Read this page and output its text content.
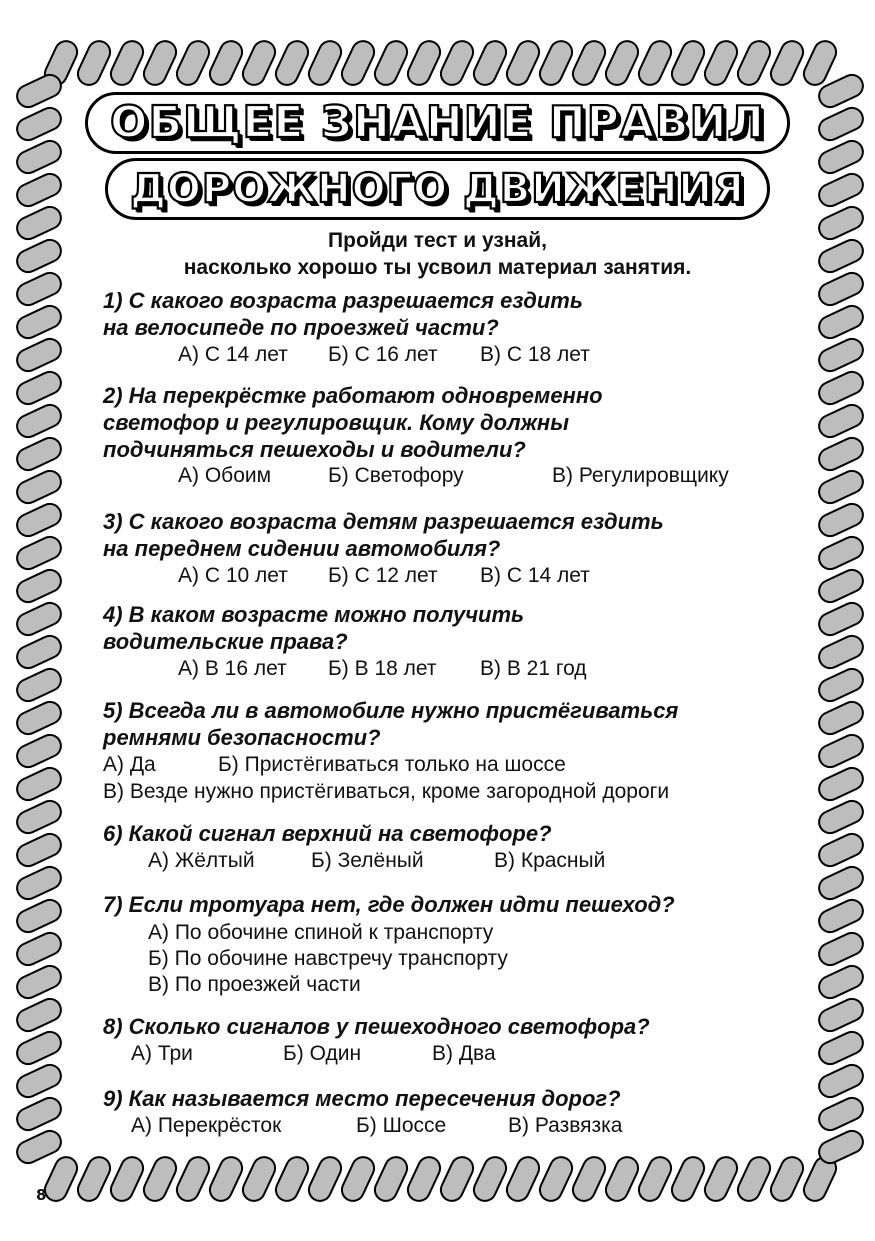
ОБЩЕЕ ЗНАНИЕ ПРАВИЛ
ДОРОЖНОГО ДВИЖЕНИЯ
Пройди тест и узнай,
насколько хорошо ты усвоил материал занятия.
1) С какого возраста разрешается ездить
на велосипеде по проезжей части?
А) С 14 лет Б) С 16 лет В) С 18 лет
2) На перекрёстке работают одновременно
светофор и регулировщик. Кому должны
подчиняться пешеходы и водители?
А) Обоим	Б) Светофору	В) Регулировщику
3) С какого возраста детям разрешается ездить
на переднем сидении автомобиля?
А) С 10 лет Б) С 12 лет В) С 14 лет
4) В каком возрасте можно получить
водительские права?
А) В 16 лет Б) В 18 лет В) В 21 год
5) Всегда ли в автомобиле нужно пристёгиваться
ремнями безопасности?
А) Да	Б) Пристёгиваться только на шоссе
В) Везде нужно пристёгиваться, кроме загородной дороги
6) Какой сигнал верхний на светофоре?
А) Жёлтый	Б) Зелёный	В) Красный
7) Если тротуара нет, где должен идти пешеход?
А) По обочине спиной к транспорту
Б) По обочине навстречу транспорту
В) По проезжей части
8) Сколько сигналов у пешеходного светофора?
А) Три	Б) Один	В) Два
9) Как называется место пересечения дорог?
А) Перекрёсток	Б) Шоссе	В) Развязка
8
